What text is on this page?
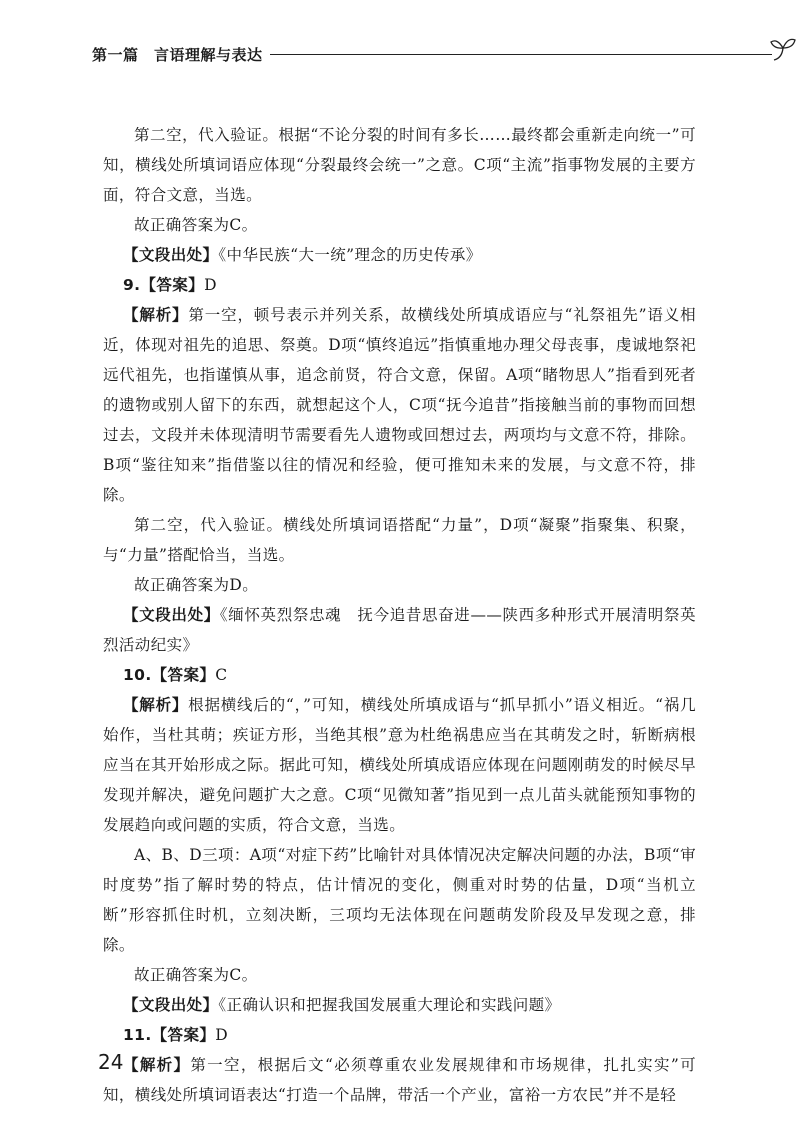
第一篇　言语理解与表达

第二空，代入验证。根据“不论分裂的时间有多长……最终都会重新走向统一”可知，横线处所填词语应体现“分裂最终会统一”之意。C项“主流”指事物发展的主要方面，符合文意，当选。

故正确答案为C。

【文段出处】《中华民族“大一统”理念的历史传承》

9.【答案】D

【解析】第一空，顿号表示并列关系，故横线处所填成语应与“礼祭祖先”语义相近，体现对祖先的追思、祭奠。D项“慎终追远”指慎重地办理父母丧事，虔诚地祭祀远代祖先，也指谨慎从事，追念前贤，符合文意，保留。A项“睹物思人”指看到死者的遗物或别人留下的东西，就想起这个人，C项“抚今追昔”指接触当前的事物而回想过去，文段并未体现清明节需要看先人遗物或回想过去，两项均与文意不符，排除。B项“鉴往知来”指借鉴以往的情况和经验，便可推知未来的发展，与文意不符，排除。

第二空，代入验证。横线处所填词语搭配“力量”，D项“凝聚”指聚集、积聚，与“力量”搭配恰当，当选。

故正确答案为D。

【文段出处】《缅怀英烈祭忠魂　抚今追昔思奋进——陕西多种形式开展清明祭英烈活动纪实》

10.【答案】C

【解析】根据横线后的“，”可知，横线处所填成语与“抓早抓小”语义相近。“祸几始作，当杜其萌；疾证方形，当绝其根”意为杜绝祸患应当在其萌发之时，斩断病根应当在其开始形成之际。据此可知，横线处所填成语应体现在问题刚萌发的时候尽早发现并解决，避免问题扩大之意。C项“见微知著”指见到一点儿苗头就能预知事物的发展趋向或问题的实质，符合文意，当选。

A、B、D三项：A项“对症下药”比喻针对具体情况决定解决问题的办法，B项“审时度势”指了解时势的特点，估计情况的变化，侧重对时势的估量，D项“当机立断”形容抓住时机，立刻决断，三项均无法体现在问题萌发阶段及早发现之意，排除。

故正确答案为C。

【文段出处】《正确认识和把握我国发展重大理论和实践问题》

11.【答案】D

【解析】第一空，根据后文“必须尊重农业发展规律和市场规律，扎扎实实”可知，横线处所填词语表达“打造一个品牌，带活一个产业，富裕一方农民”并不是轻

24
